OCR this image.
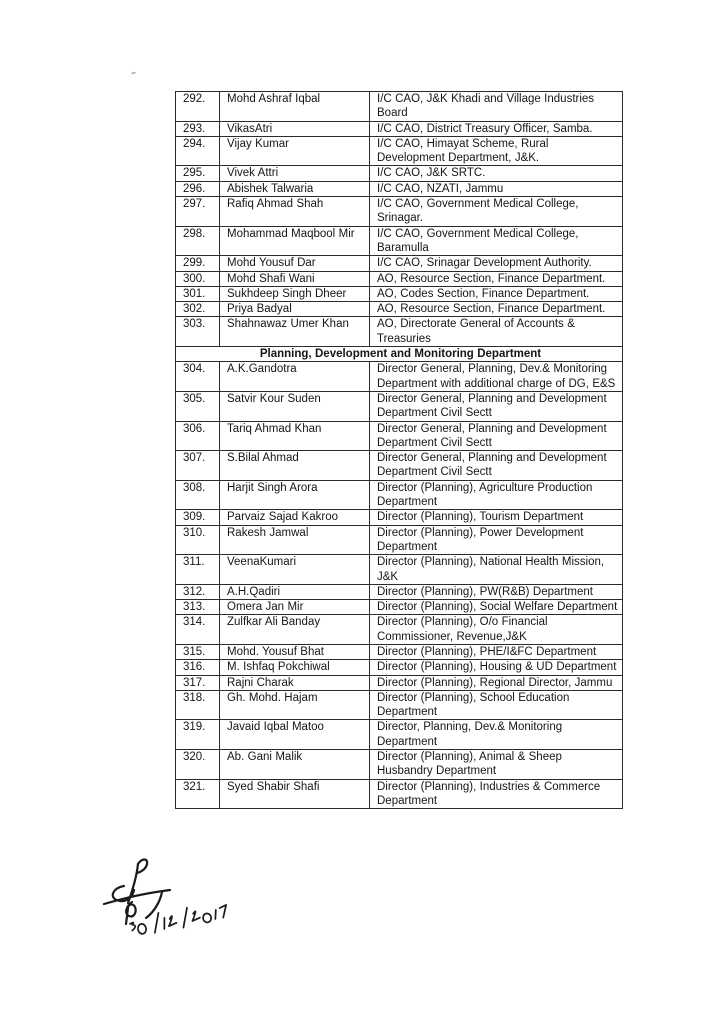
292.	Mohd Ashraf Iqbal	I/C CAO, J&K Khadi and Village Industries Board
293.	VikasAtri	I/C CAO, District Treasury Officer, Samba.
294.	Vijay Kumar	I/C CAO, Himayat Scheme, Rural Development Department, J&K.
295.	Vivek Attri	I/C CAO, J&K SRTC.
296.	Abishek Talwaria	I/C CAO, NZATI, Jammu
297.	Rafiq Ahmad Shah	I/C CAO, Government Medical College, Srinagar.
298.	Mohammad Maqbool Mir	I/C CAO, Government Medical College, Baramulla
299.	Mohd Yousuf Dar	I/C CAO, Srinagar Development Authority.
300.	Mohd Shafi Wani	AO, Resource Section, Finance Department.
301.	Sukhdeep Singh Dheer	AO, Codes Section, Finance Department.
302.	Priya Badyal	AO, Resource Section, Finance Department.
303.	Shahnawaz Umer Khan	AO, Directorate General of Accounts & Treasuries
Planning, Development and Monitoring Department		
304.	A.K.Gandotra	Director General, Planning, Dev.& Monitoring Department with additional charge of DG, E&S
305.	Satvir Kour Suden	Director General, Planning and Development Department Civil Sectt
306.	Tariq Ahmad Khan	Director General, Planning and Development Department Civil Sectt
307.	S.Bilal Ahmad	Director General, Planning and Development Department Civil Sectt
308.	Harjit Singh Arora	Director (Planning), Agriculture Production Department
309.	Parvaiz Sajad Kakroo	Director (Planning), Tourism Department
310.	Rakesh Jamwal	Director (Planning), Power Development Department
311.	VeenaKumari	Director (Planning), National Health Mission, J&K
312.	A.H.Qadiri	Director (Planning), PW(R&B) Department
313.	Omera Jan Mir	Director (Planning), Social Welfare Department
314.	Zulfkar Ali Banday	Director (Planning), O/o Financial Commissioner, Revenue,J&K
315.	Mohd. Yousuf Bhat	Director (Planning), PHE/I&FC Department
316.	M. Ishfaq Pokchiwal	Director (Planning), Housing & UD Department
317.	Rajni Charak	Director (Planning), Regional Director, Jammu
318.	Gh. Mohd. Hajam	Director (Planning), School Education Department
319.	Javaid Iqbal Matoo	Director, Planning, Dev.& Monitoring Department
320.	Ab. Gani Malik	Director (Planning), Animal & Sheep Husbandry Department
321.	Syed Shabir Shafi	Director (Planning), Industries & Commerce Department
